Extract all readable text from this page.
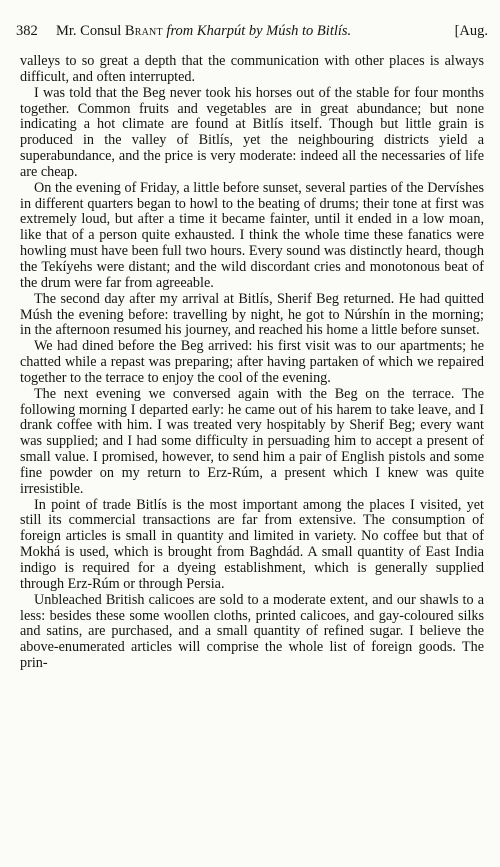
382 Mr. Consul Brant from Kharpút by Músh to Bitlís.	[Aug.

valleys to so great a depth that the communication with other places is always difficult, and often interrupted.

I was told that the Beg never took his horses out of the stable for four months together. Common fruits and vegetables are in great abundance; but none indicating a hot climate are found at Bitlís itself. Though but little grain is produced in the valley of Bitlís, yet the neighbouring districts yield a superabundance, and the price is very moderate: indeed all the necessaries of life are cheap.

On the evening of Friday, a little before sunset, several parties of the Dervíshes in different quarters began to howl to the beating of drums; their tone at first was extremely loud, but after a time it became fainter, until it ended in a low moan, like that of a person quite exhausted. I think the whole time these fanatics were howling must have been full two hours. Every sound was distinctly heard, though the Tekíyehs were distant; and the wild discordant cries and monotonous beat of the drum were far from agreeable.

The second day after my arrival at Bitlís, Sherif Beg returned. He had quitted Músh the evening before: travelling by night, he got to Núrshín in the morning; in the afternoon resumed his journey, and reached his home a little before sunset.

We had dined before the Beg arrived: his first visit was to our apartments; he chatted while a repast was preparing; after having partaken of which we repaired together to the terrace to enjoy the cool of the evening.

The next evening we conversed again with the Beg on the terrace. The following morning I departed early: he came out of his harem to take leave, and I drank coffee with him. I was treated very hospitably by Sherif Beg; every want was supplied; and I had some difficulty in persuading him to accept a present of small value. I promised, however, to send him a pair of English pistols and some fine powder on my return to Erz-Rúm, a present which I knew was quite irresistible.

In point of trade Bitlís is the most important among the places I visited, yet still its commercial transactions are far from extensive. The consumption of foreign articles is small in quantity and limited in variety. No coffee but that of Mokhá is used, which is brought from Baghdád. A small quantity of East India indigo is required for a dyeing establishment, which is generally supplied through Erz-Rúm or through Persia.

Unbleached British calicoes are sold to a moderate extent, and our shawls to a less: besides these some woollen cloths, printed calicoes, and gay-coloured silks and satins, are purchased, and a small quantity of refined sugar. I believe the above-enumerated articles will comprise the whole list of foreign goods. The prin-
